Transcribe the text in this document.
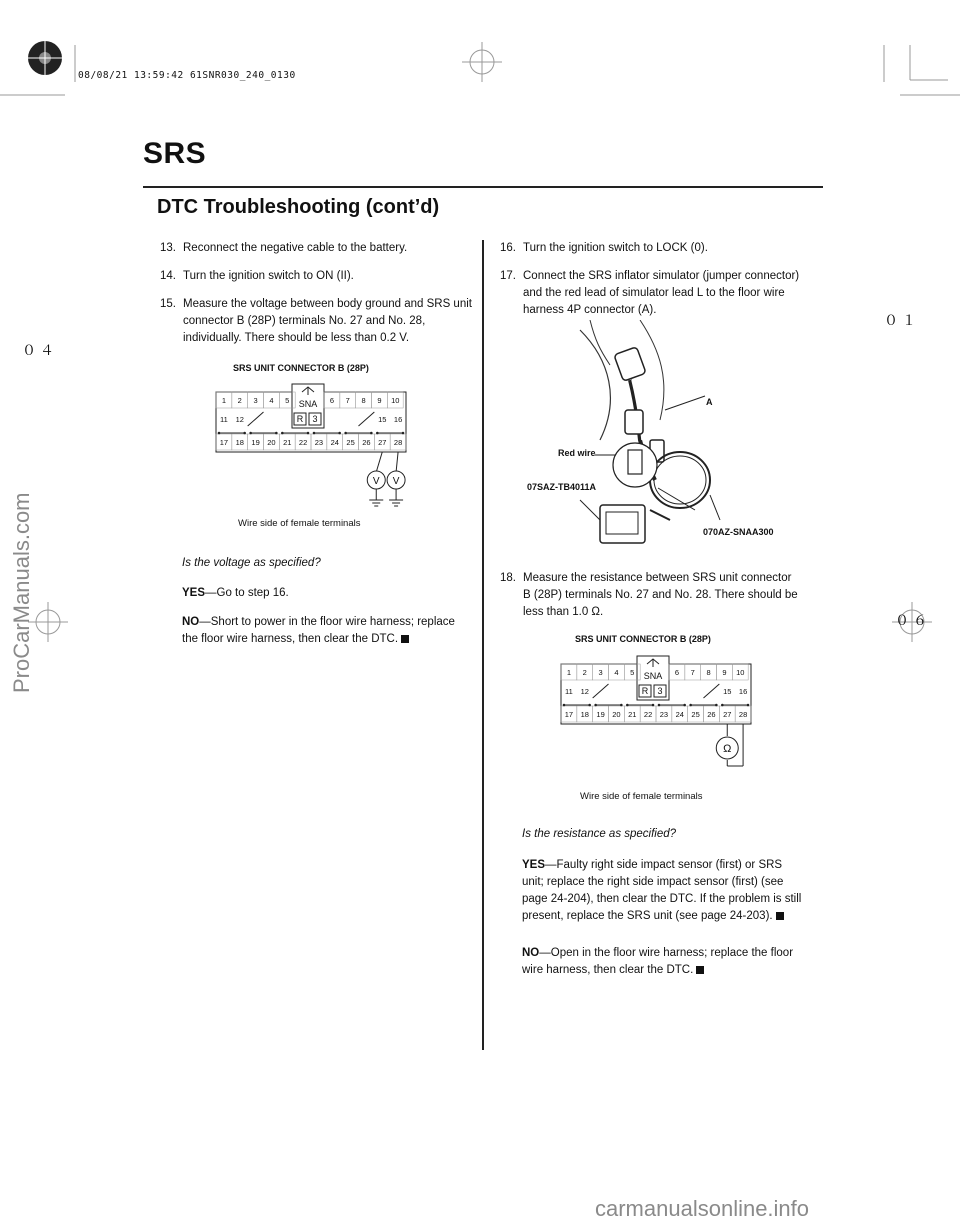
08/08/21 13:59:42 61SNR030_240_0130
０４
０１
０６
SRS
DTC Troubleshooting (cont’d)
13. Reconnect the negative cable to the battery.
14. Turn the ignition switch to ON (II).
15. Measure the voltage between body ground and SRS unit connector B (28P) terminals No. 27 and No. 28, individually. There should be less than 0.2 V.
SRS UNIT CONNECTOR B (28P)
SNA
1 2 3 4 5	6 7 8 9 10
R 3
11 12	15 16
17 18 19 20 21 22 23 24 25 26 27 28
V V
Wire side of female terminals
Is the voltage as specified?
YES—Go to step 16.
NO—Short to power in the floor wire harness; replace the floor wire harness, then clear the DTC.
16. Turn the ignition switch to LOCK (0).
17. Connect the SRS inflator simulator (jumper connector) and the red lead of simulator lead L to the floor wire harness 4P connector (A).
A
Red wire
07SAZ-TB4011A
070AZ-SNAA300
18. Measure the resistance between SRS unit connector B (28P) terminals No. 27 and No. 28. There should be less than 1.0 Ω.
SRS UNIT CONNECTOR B (28P)
SNA
1 2 3 4 5	6 7 8 9 10
R 3
11 12	15 16
17 18 19 20 21 22 23 24 25 26 27 28
Ω
Wire side of female terminals
Is the resistance as specified?
YES—Faulty right side impact sensor (first) or SRS unit; replace the right side impact sensor (first) (see page 24-204), then clear the DTC. If the problem is still present, replace the SRS unit (see page 24-203).
NO—Open in the floor wire harness; replace the floor wire harness, then clear the DTC.
ProCarManuals.com
carmanualsonline.info
